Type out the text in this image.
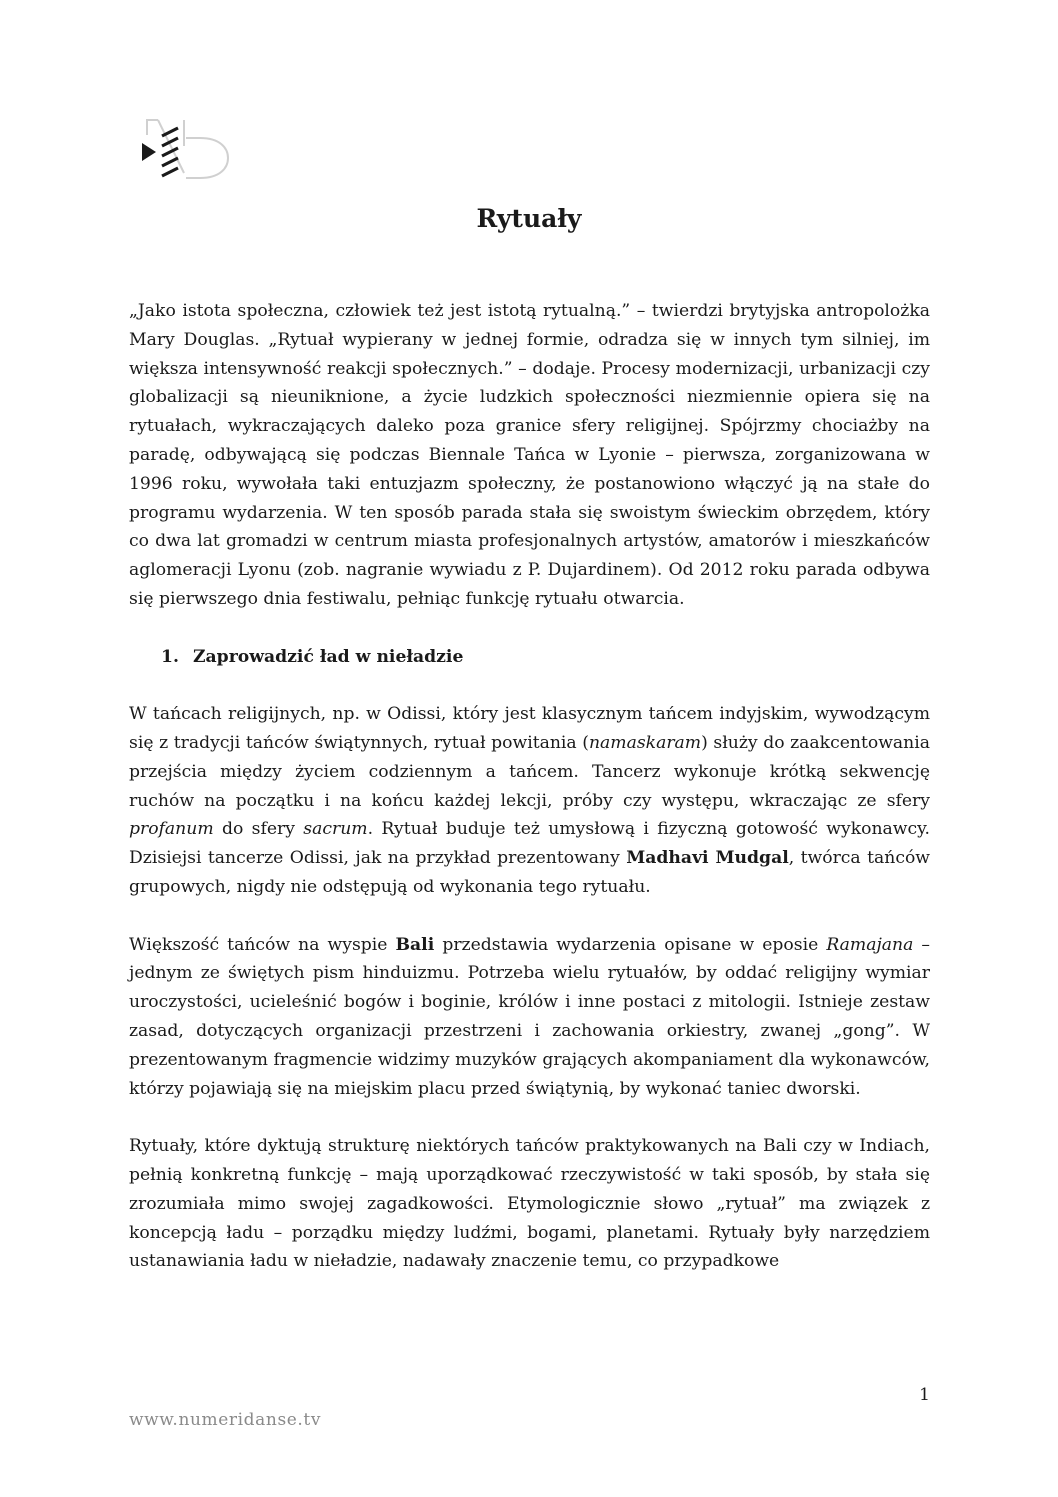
Rytuały

„Jako istota społeczna, człowiek też jest istotą rytualną.” – twierdzi brytyjska antropolożka Mary Douglas. „Rytuał wypierany w jednej formie, odradza się w innych tym silniej, im większa intensywność reakcji społecznych.” – dodaje. Procesy modernizacji, urbanizacji czy globalizacji są nieuniknione, a życie ludzkich społeczności niezmiennie opiera się na rytuałach, wykraczających daleko poza granice sfery religijnej. Spójrzmy chociażby na paradę, odbywającą się podczas Biennale Tańca w Lyonie – pierwsza, zorganizowana w 1996 roku, wywołała taki entuzjazm społeczny, że postanowiono włączyć ją na stałe do programu wydarzenia. W ten sposób parada stała się swoistym świeckim obrzędem, który co dwa lat gromadzi w centrum miasta profesjonalnych artystów, amatorów i mieszkańców aglomeracji Lyonu (zob. nagranie wywiadu z P. Dujardinem). Od 2012 roku parada odbywa się pierwszego dnia festiwalu, pełniąc funkcję rytuału otwarcia.

1. Zaprowadzić ład w nieładzie

W tańcach religijnych, np. w Odissi, który jest klasycznym tańcem indyjskim, wywodzącym się z tradycji tańców świątynnych, rytuał powitania (namaskaram) służy do zaakcentowania przejścia między życiem codziennym a tańcem. Tancerz wykonuje krótką sekwencję ruchów na początku i na końcu każdej lekcji, próby czy występu, wkraczając ze sfery profanum do sfery sacrum. Rytuał buduje też umysłową i fizyczną gotowość wykonawcy. Dzisiejsi tancerze Odissi, jak na przykład prezentowany Madhavi Mudgal, twórca tańców grupowych, nigdy nie odstępują od wykonania tego rytuału.

Większość tańców na wyspie Bali przedstawia wydarzenia opisane w eposie Ramajana – jednym ze świętych pism hinduizmu. Potrzeba wielu rytuałów, by oddać religijny wymiar uroczystości, ucieleśnić bogów i boginie, królów i inne postaci z mitologii. Istnieje zestaw zasad, dotyczących organizacji przestrzeni i zachowania orkiestry, zwanej „gong”. W prezentowanym fragmencie widzimy muzyków grających akompaniament dla wykonawców, którzy pojawiają się na miejskim placu przed świątynią, by wykonać taniec dworski.

Rytuały, które dyktują strukturę niektórych tańców praktykowanych na Bali czy w Indiach, pełnią konkretną funkcję – mają uporządkować rzeczywistość w taki sposób, by stała się zrozumiała mimo swojej zagadkowości. Etymologicznie słowo „rytuał” ma związek z koncepcją ładu – porządku między ludźmi, bogami, planetami. Rytuały były narzędziem ustanawiania ładu w nieładzie, nadawały znaczenie temu, co przypadkowe

1
www.numeridanse.tv
